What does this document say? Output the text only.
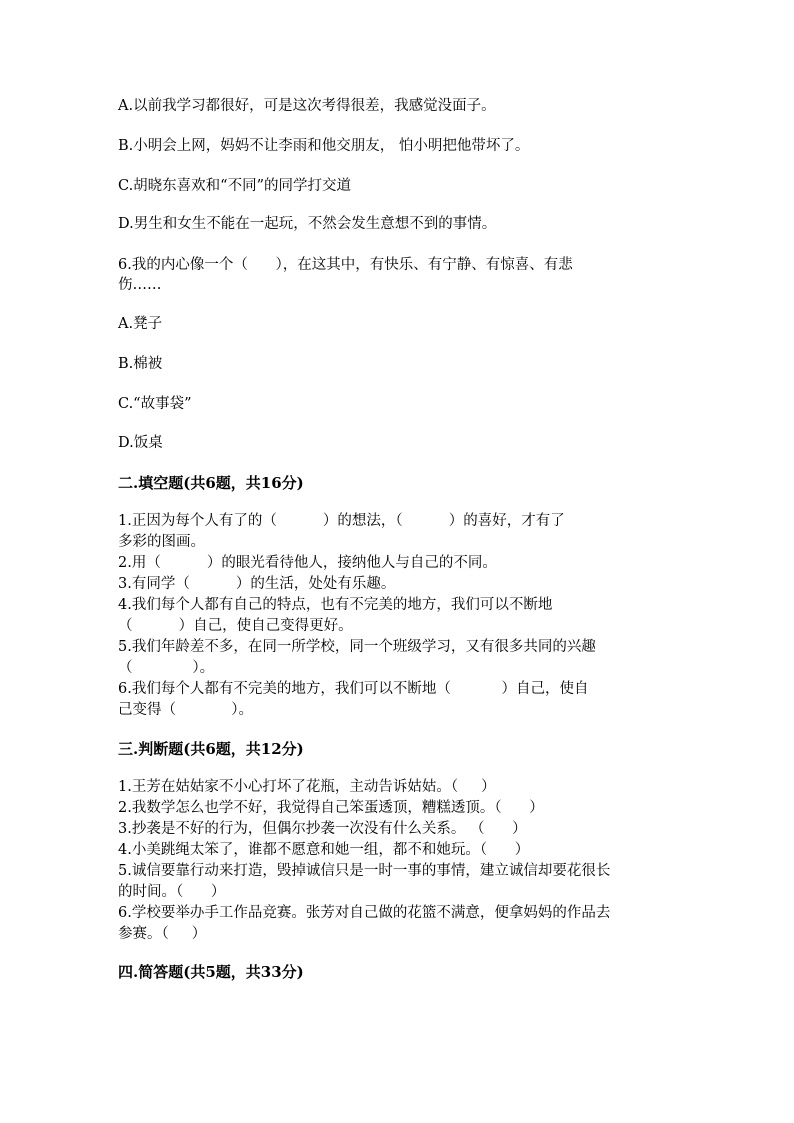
A.以前我学习都很好，可是这次考得很差，我感觉没面子。
B.小明会上网，妈妈不让李雨和他交朋友， 怕小明把他带坏了。
C.胡晓东喜欢和“不同”的同学打交道
D.男生和女生不能在一起玩，不然会发生意想不到的事情。
6.我的内心像一个（      ），在这其中，有快乐、有宁静、有惊喜、有悲
伤……
A.凳子
B.棉被
C.“故事袋”
D.饭桌
二.填空题(共6题，共16分)
1.正因为每个人有了的（          ）的想法，（          ）的喜好，才有了
多彩的图画。
2.用（          ）的眼光看待他人，接纳他人与自己的不同。
3.有同学（          ）的生活，处处有乐趣。
4.我们每个人都有自己的特点，也有不完美的地方，我们可以不断地
（          ）自己，使自己变得更好。
5.我们年龄差不多，在同一所学校，同一个班级学习，又有很多共同的兴趣
（             ）。
6.我们每个人都有不完美的地方，我们可以不断地（           ）自己，使自
己变得（            ）。
三.判断题(共6题，共12分)
1.王芳在姑姑家不小心打坏了花瓶，主动告诉姑姑。（     ）
2.我数学怎么也学不好，我觉得自己笨蛋透顶，糟糕透顶。（      ）
3.抄袭是不好的行为，但偶尔抄袭一次没有什么关系。 （      ）
4.小美跳绳太笨了，谁都不愿意和她一组，都不和她玩。（      ）
5.诚信要靠行动来打造，毁掉诚信只是一时一事的事情，建立诚信却要花很长
的时间。（      ）
6.学校要举办手工作品竞赛。张芳对自己做的花篮不满意，便拿妈妈的作品去
参赛。（     ）
四.简答题(共5题，共33分)
